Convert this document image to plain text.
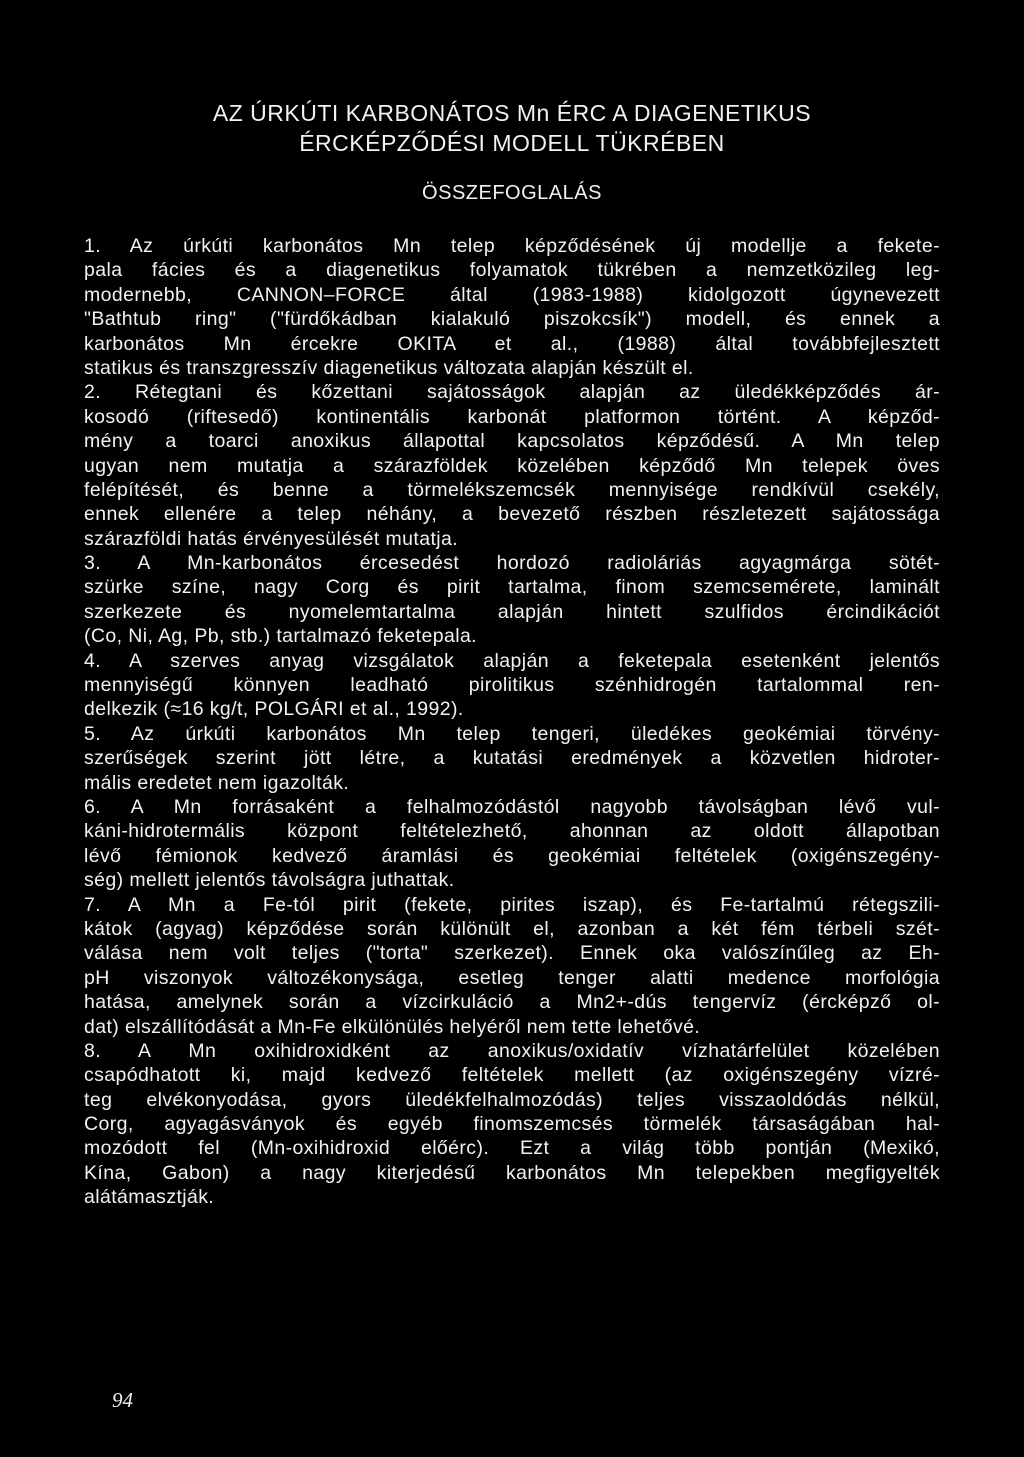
AZ ÚRKÚTI KARBONÁTOS Mn ÉRC A DIAGENETIKUS
ÉRCKÉPZŐDÉSI MODELL TÜKRÉBEN
ÖSSZEFOGLALÁS
1. Az úrkúti karbonátos Mn telep képződésének új modellje a fekete-
pala fácies és a diagenetikus folyamatok tükrében a nemzetközileg leg-
modernebb, CANNON–FORCE által (1983-1988) kidolgozott úgynevezett
"Bathtub ring" ("fürdőkádban kialakuló piszokcsík") modell, és ennek a
karbonátos Mn ércekre OKITA et al., (1988) által továbbfejlesztett
statikus és transzgresszív diagenetikus változata alapján készült el.
2. Rétegtani és kőzettani sajátosságok alapján az üledékképződés ár-
kosodó (riftesedő) kontinentális karbonát platformon történt. A képződ-
mény a toarci anoxikus állapottal kapcsolatos képződésű. A Mn telep
ugyan nem mutatja a szárazföldek közelében képződő Mn telepek öves
felépítését, és benne a törmelékszemcsék mennyisége rendkívül csekély,
ennek ellenére a telep néhány, a bevezető részben részletezett sajátossága
szárazföldi hatás érvényesülését mutatja.
3. A Mn-karbonátos ércesedést hordozó radioláriás agyagmárga sötét-
szürke színe, nagy Corg és pirit tartalma, finom szemcsemérete, laminált
szerkezete és nyomelemtartalma alapján hintett szulfidos ércindikációt
(Co, Ni, Ag, Pb, stb.) tartalmazó feketepala.
4. A szerves anyag vizsgálatok alapján a feketepala esetenként jelentős
mennyiségű könnyen leadható pirolitikus szénhidrogén tartalommal ren-
delkezik (≈16 kg/t, POLGÁRI et al., 1992).
5. Az úrkúti karbonátos Mn telep tengeri, üledékes geokémiai törvény-
szerűségek szerint jött létre, a kutatási eredmények a közvetlen hidroter-
mális eredetet nem igazolták.
6. A Mn forrásaként a felhalmozódástól nagyobb távolságban lévő vul-
káni-hidrotermális központ feltételezhető, ahonnan az oldott állapotban
lévő fémionok kedvező áramlási és geokémiai feltételek (oxigénszegény-
ség) mellett jelentős távolságra juthattak.
7. A Mn a Fe-tól pirit (fekete, pirites iszap), és Fe-tartalmú rétegszili-
kátok (agyag) képződése során különült el, azonban a két fém térbeli szét-
válása nem volt teljes ("torta" szerkezet). Ennek oka valószínűleg az Eh-
pH viszonyok változékonysága, esetleg tenger alatti medence morfológia
hatása, amelynek során a vízcirkuláció a Mn2+-dús tengervíz (ércképző ol-
dat) elszállítódását a Mn-Fe elkülönülés helyéről nem tette lehetővé.
8. A Mn oxihidroxidként az anoxikus/oxidatív vízhatárfelület közelében
csapódhatott ki, majd kedvező feltételek mellett (az oxigénszegény vízré-
teg elvékonyodása, gyors üledékfelhalmozódás) teljes visszaoldódás nélkül,
Corg, agyagásványok és egyéb finomszemcsés törmelék társaságában hal-
mozódott fel (Mn-oxihidroxid előérc). Ezt a világ több pontján (Mexikó,
Kína, Gabon) a nagy kiterjedésű karbonátos Mn telepekben megfigyelték
alátámasztják.
94
